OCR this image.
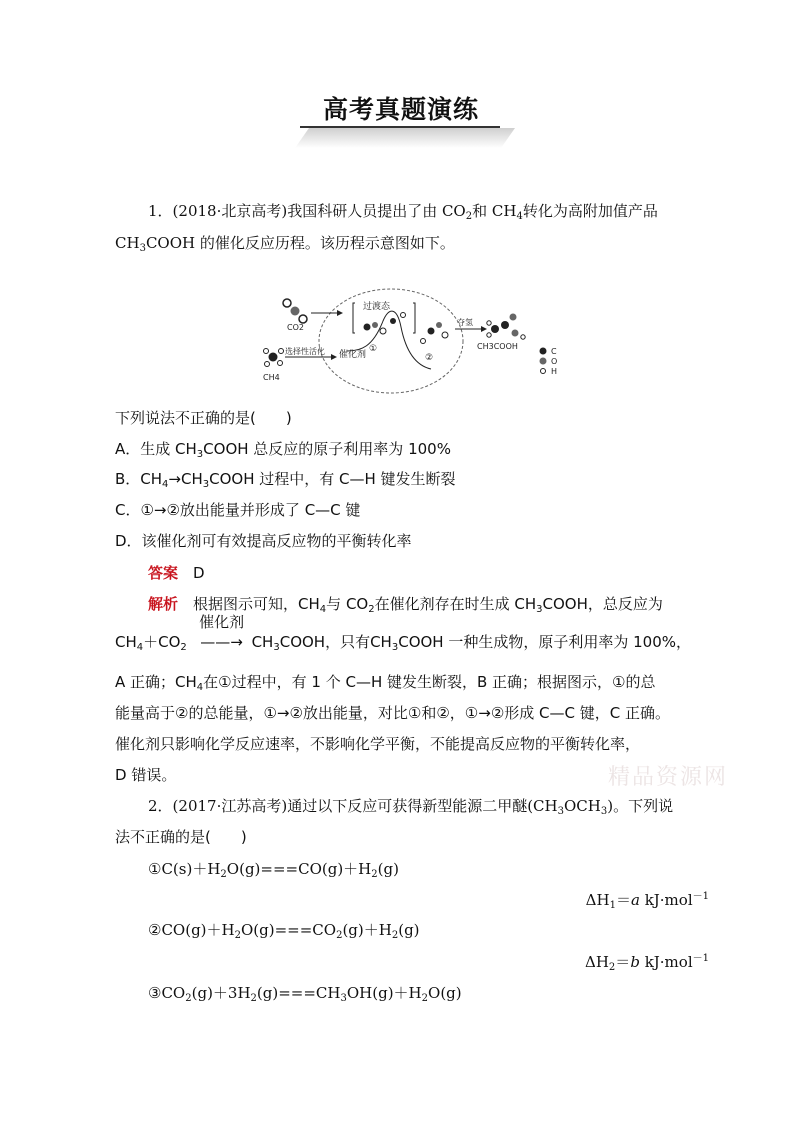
高考真题演练
1．(2018·北京高考)我国科研人员提出了由 $CO_2$和 $CH_4$转化为高附加值产品
$CH_3COOH$ 的催化反应历程。该历程示意图如下。
CO2
CH4
选择性活化
过渡态
催化剂
①
②
夺氢
CH3COOH
C
O
H
下列说法不正确的是(　　)
A．生成 $CH_3COOH$ 总反应的原子利用率为 100%
B．$CH_4\to CH_3COOH$ 过程中，有 C—H 键发生断裂
C．①→②放出能量并形成了 C—C 键
D．该催化剂可有效提高反应物的平衡转化率
答案　 D
解析　 根据图示可知，$CH_4$与 $CO_2$在催化剂存在时生成 $CH_3COOH$，总反应为
$CH_4+CO_2$
催化剂
——→ $CH_3COOH$，只有$CH_3COOH$ 一种生成物，原子利用率为 100%，
A 正确；$CH_4$在①过程中，有 1 个 C—H 键发生断裂，B 正确；根据图示，①的总
能量高于②的总能量，①→②放出能量，对比①和②，①→②形成 C—C 键，C 正确。
催化剂只影响化学反应速率，不影响化学平衡，不能提高反应物的平衡转化率，
D 错误。	精品资源网
2．(2017·江苏高考)通过以下反应可获得新型能源二甲醚$(CH_3OCH_3)$。下列说
法不正确的是(　　)
$①C(s)+H_2O(g)===CO(g)+H_2(g)$
$\Delta H_1=a$ kJ·mol$^{-1}$
$②CO(g)+H_2O(g)===CO_2(g)+H_2(g)$
$\Delta H_2=b$ kJ·mol$^{-1}$
$③CO_2(g)+3H_2(g)===CH_3OH(g)+H_2O(g)$
